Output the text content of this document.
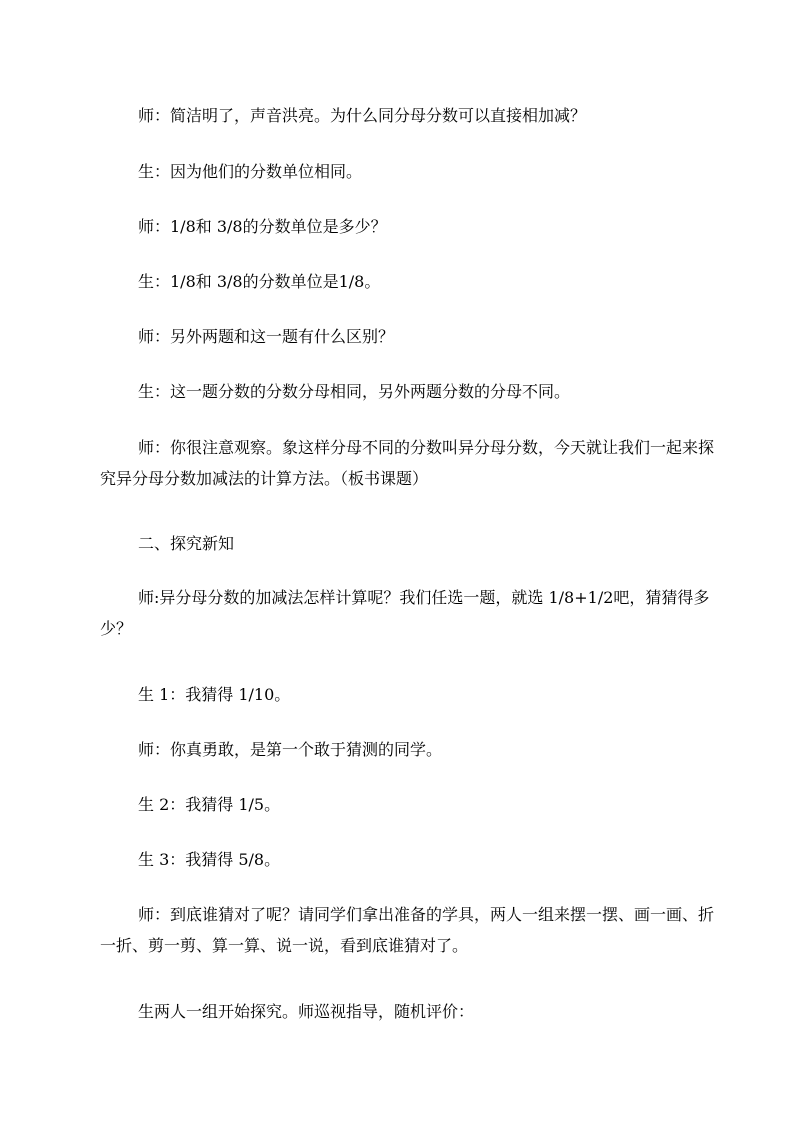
师：简洁明了，声音洪亮。为什么同分母分数可以直接相加减？

生：因为他们的分数单位相同。

师：1/8和 3/8的分数单位是多少？

生：1/8和 3/8的分数单位是1/8。

师：另外两题和这一题有什么区别？

生：这一题分数的分数分母相同，另外两题分数的分母不同。

师：你很注意观察。象这样分母不同的分数叫异分母分数，今天就让我们一起来探究异分母分数加减法的计算方法。（板书课题）

二、探究新知

师:异分母分数的加减法怎样计算呢？我们任选一题，就选 1/8+1/2吧，猜猜得多少？

生 1：我猜得 1/10。

师：你真勇敢，是第一个敢于猜测的同学。

生 2：我猜得 1/5。

生 3：我猜得 5/8。

师：到底谁猜对了呢？请同学们拿出准备的学具，两人一组来摆一摆、画一画、折一折、剪一剪、算一算、说一说，看到底谁猜对了。

生两人一组开始探究。师巡视指导，随机评价：
